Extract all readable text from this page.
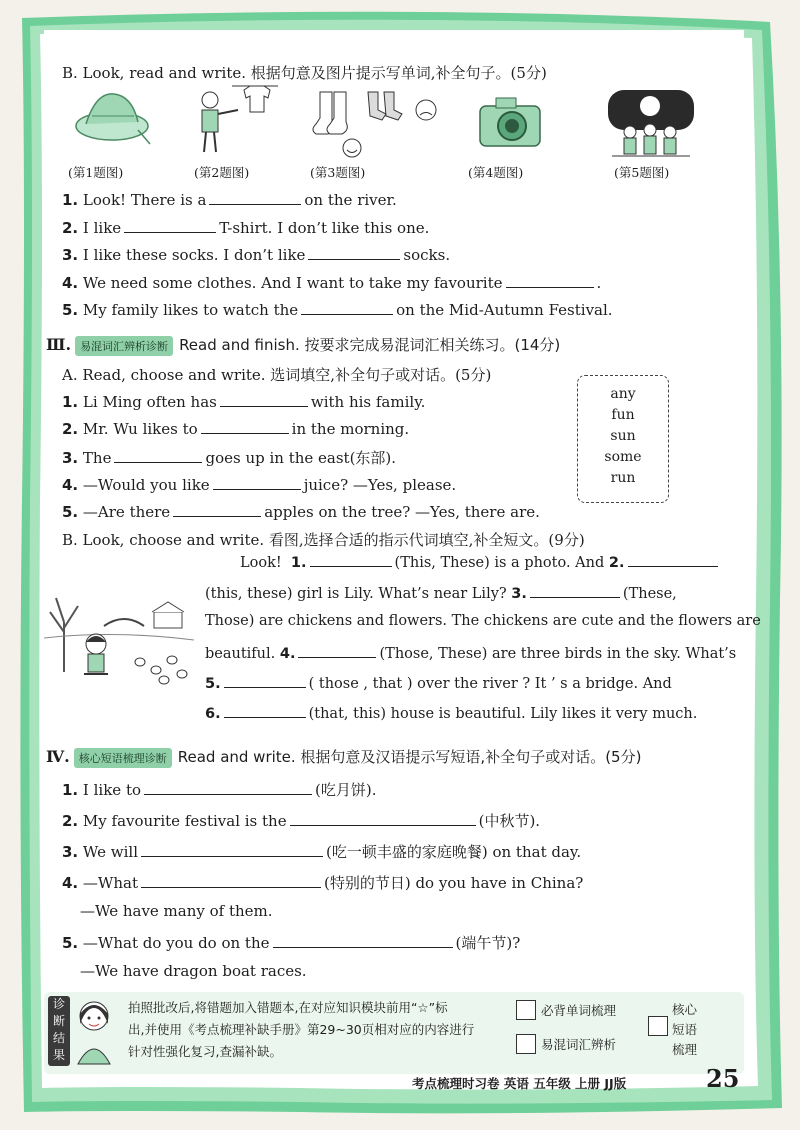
B. Look, read and write. 根据句意及图片提示写单词,补全句子。(5分)
(第1题图)	(第2题图)	(第3题图)	(第4题图)	(第5题图)
1. Look! There is a	on the river.
2. I like	T-shirt. I don’t like this one.
3. I like these socks. I don’t like	socks.
4. We need some clothes. And I want to take my favourite	.
5. My family likes to watch the	on the Mid-Autumn Festival.
Ⅲ. 易混词汇辨析诊断 Read and finish. 按要求完成易混词汇相关练习。(14分)
A. Read, choose and write. 选词填空,补全句子或对话。(5分)
1. Li Ming often has	with his family.
2. Mr. Wu likes to	in the morning.
3. The	goes up in the east(东部).
4. —Would you like	juice? —Yes, please.
5. —Are there	apples on the tree? —Yes, there are.
any
fun
sun
some
run
B. Look, choose and write. 看图,选择合适的指示代词填空,补全短文。(9分)
Look! 1.	(This, These) is a photo. And 2.
(this, these) girl is Lily. What’s near Lily? 3.	(These,
Those) are chickens and flowers. The chickens are cute and the flowers are
beautiful. 4.	(Those, These) are three birds in the sky. What’s
5.	( those , that ) over the river ? It ’ s a bridge. And
6.	(that, this) house is beautiful. Lily likes it very much.
Ⅳ. 核心短语梳理诊断 Read and write. 根据句意及汉语提示写短语,补全句子或对话。(5分)
1. I like to	(吃月饼).
2. My favourite festival is the	(中秋节).
3. We will	(吃一顿丰盛的家庭晚餐) on that day.
4. —What	(特别的节日) do you have in China?
—We have many of them.
5. —What do you do on the	(端午节)?
—We have dragon boat races.
诊
断
结
果
拍照批改后,将错题加入错题本,在对应知识模块前用“☆”标
出,并使用《考点梳理补缺手册》第29~30页相对应的内容进行
针对性强化复习,查漏补缺。
必背单词梳理
易混词汇辨析
核心
短语
梳理
考点梳理时习卷 英语 五年级 上册 JJ版	25
